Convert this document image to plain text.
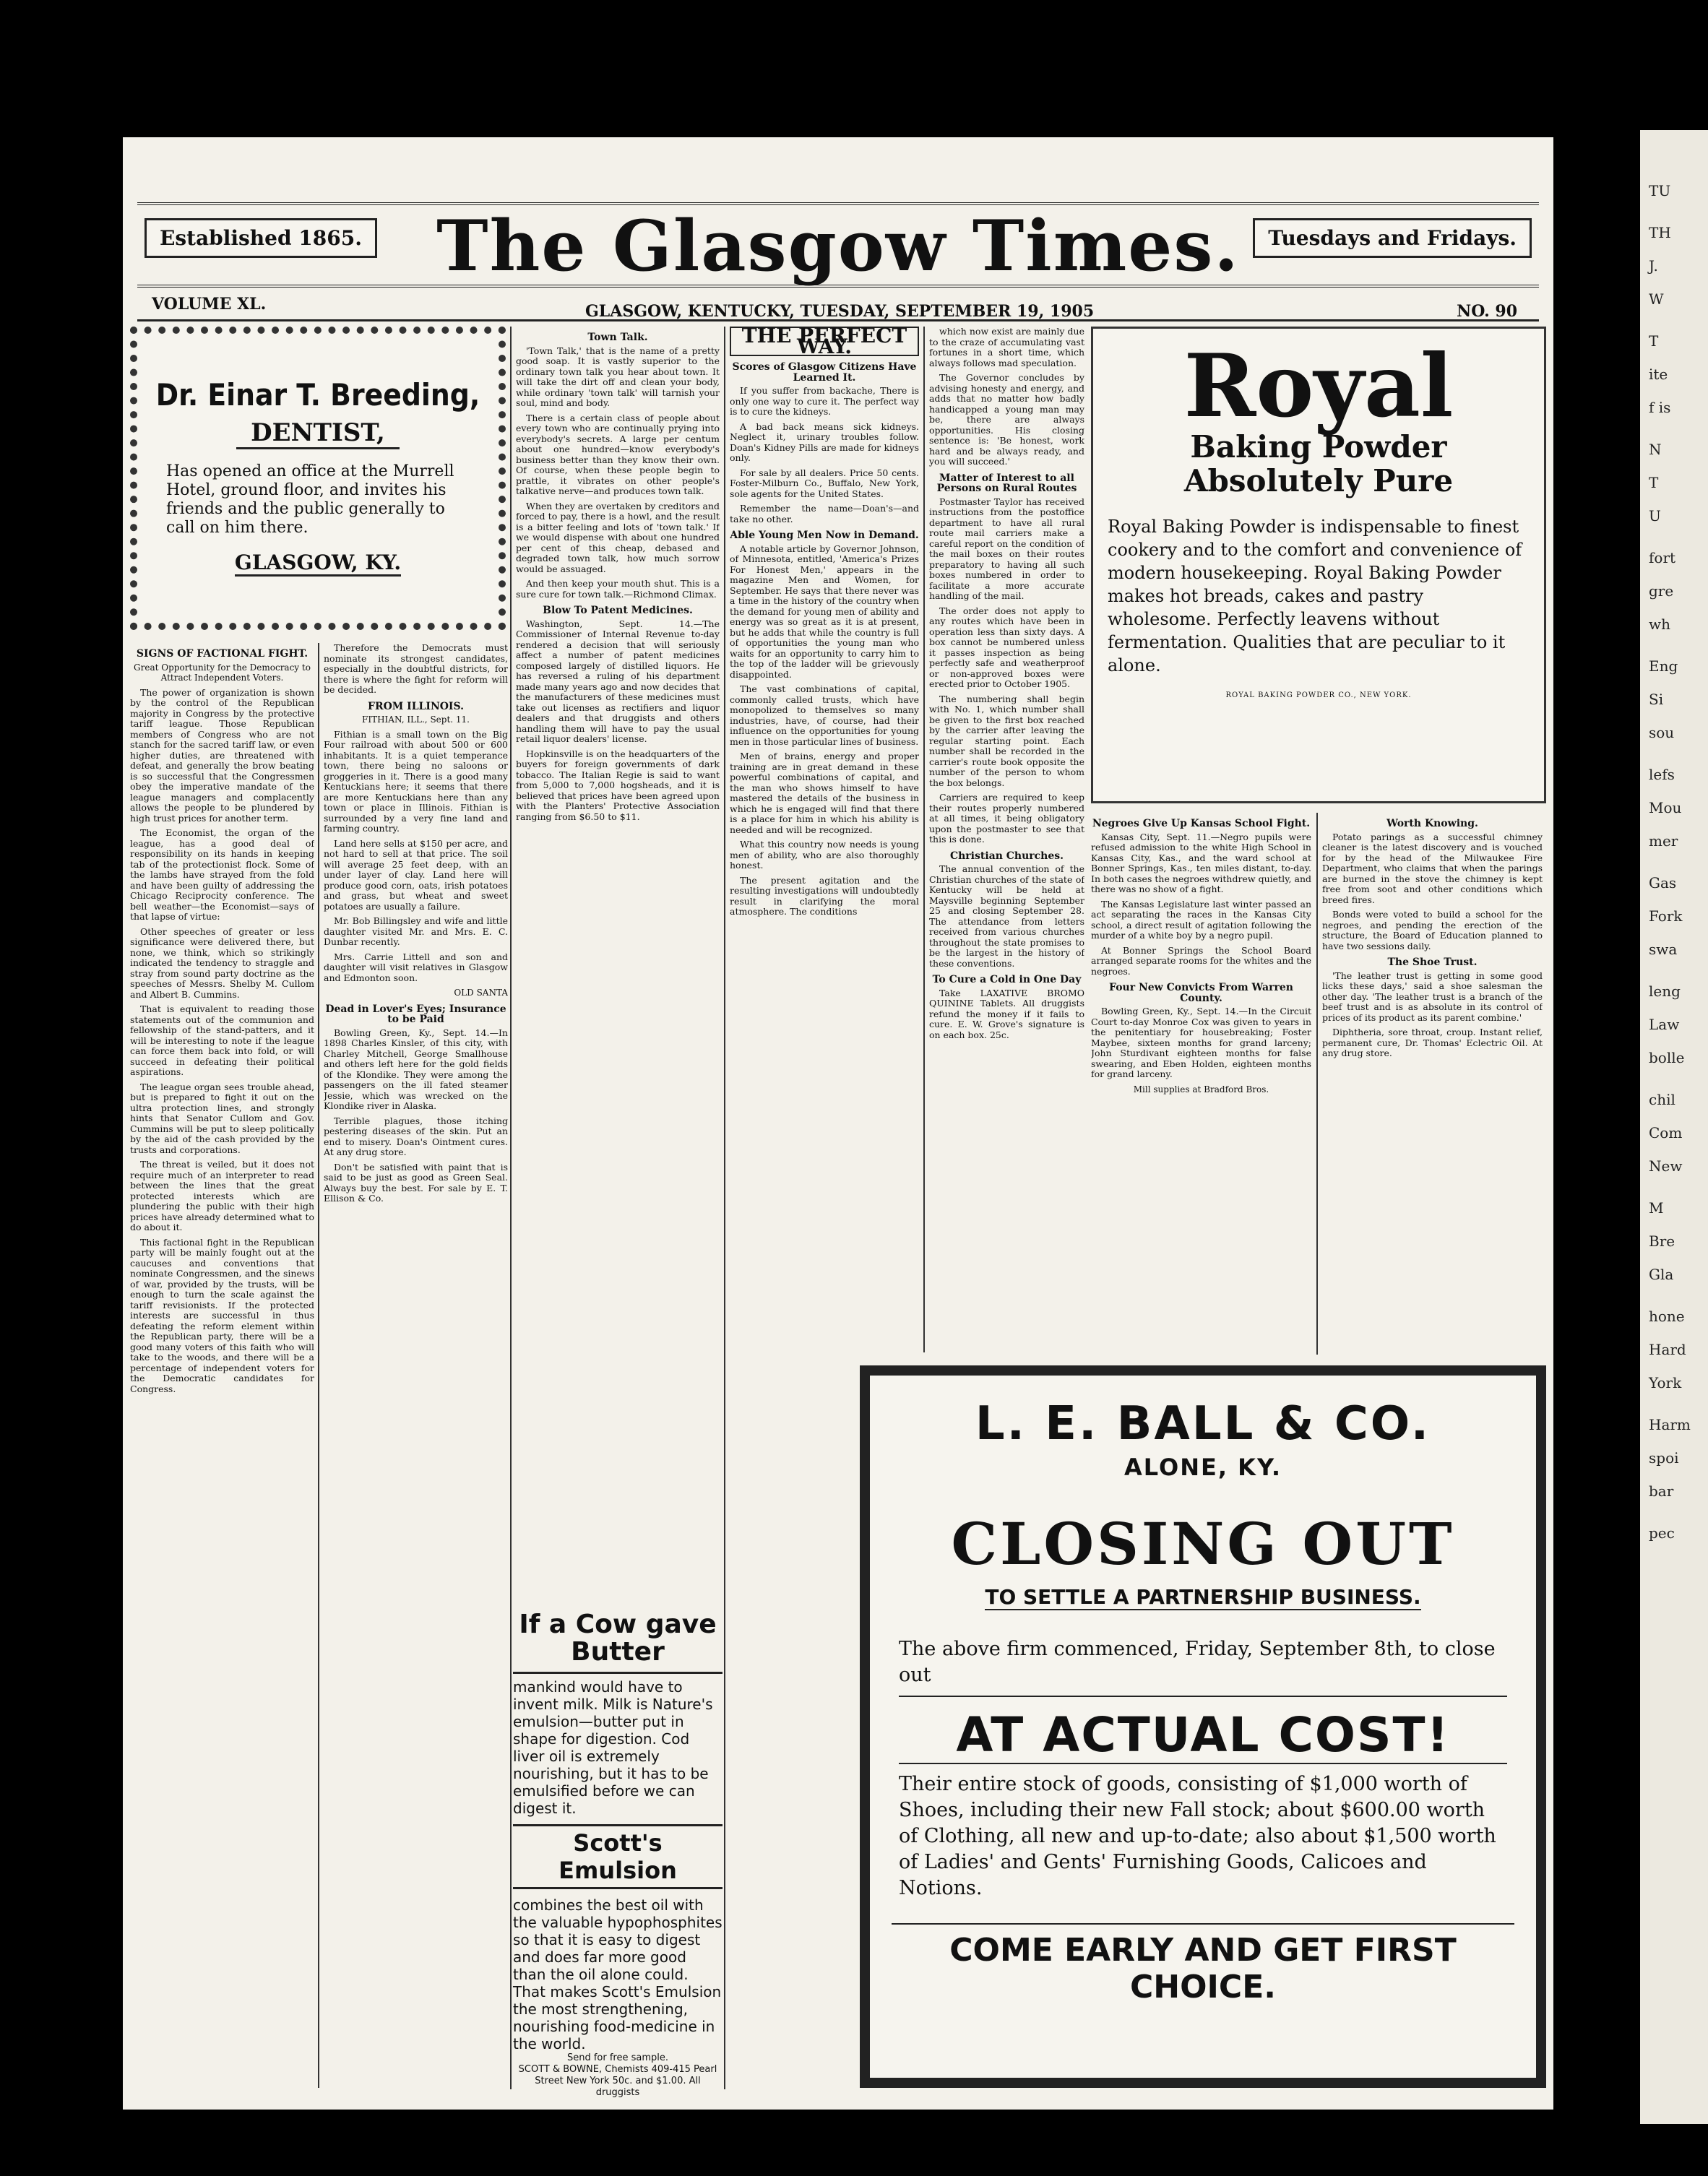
Established 1865.	The Glasgow Times.	Tuesdays and Fridays.
VOLUME XL.	GLASGOW, KENTUCKY, TUESDAY, SEPTEMBER 19, 1905	NO. 90
Dr. Einar T. Breeding,
DENTIST,
Has opened an office at the Murrell Hotel, ground floor, and invites his friends and the public generally to call on him there.
GLASGOW, KY.
SIGNS OF FACTIONAL FIGHT.
Great Opportunity for the Democracy to Attract Independent Voters.

The power of organization is shown by the control of the Republican majority in Congress by the protective tariff league. Those Republican members of Congress who are not stanch for the sacred tariff law, or even higher duties, are threatened with defeat, and generally the brow beating is so successful that the Congressmen obey the imperative mandate of the league managers and complacently allows the people to be plundered by high trust prices for another term.

The Economist, the organ of the league, has a good deal of responsibility on its hands in keeping tab of the protectionist flock. Some of the lambs have strayed from the fold and have been guilty of addressing the Chicago Reciprocity conference. The bell weather—the Economist—says of that lapse of virtue:

Other speeches of greater or less significance were delivered there, but none, we think, which so strikingly indicated the tendency to straggle and stray from sound party doctrine as the speeches of Messrs. Shelby M. Cullom and Albert B. Cummins.

That is equivalent to reading those statements out of the communion and fellowship of the stand-patters, and it will be interesting to note if the league can force them back into fold, or will succeed in defeating their political aspirations.

The league organ sees trouble ahead, but is prepared to fight it out on the ultra protection lines, and strongly hints that Senator Cullom and Gov. Cummins will be put to sleep politically by the aid of the cash provided by the trusts and corporations.

The threat is veiled, but it does not require much of an interpreter to read between the lines that the great protected interests which are plundering the public with their high prices have already determined what to do about it.

This factional fight in the Republican party will be mainly fought out at the caucuses and conventions that nominate Congressmen, and the sinews of war, provided by the trusts, will be enough to turn the scale against the tariff revisionists. If the protected interests are successful in thus defeating the reform element within the Republican party, there will be a good many voters of this faith who will take to the woods, and there will be a percentage of independent voters for the Democratic candidates for Congress.

Therefore the Democrats must nominate its strongest candidates, especially in the doubtful districts, for there is where the fight for reform will be decided.

FROM ILLINOIS.
FITHIAN, ILL., Sept. 11.

Fithian is a small town on the Big Four railroad with about 500 or 600 inhabitants. It is a quiet temperance town, there being no saloons or groggeries in it. There is a good many Kentuckians here; it seems that there are more Kentuckians here than any town or place in Illinois. Fithian is surrounded by a very fine land and farming country.

Land here sells at $150 per acre, and not hard to sell at that price. The soil will average 25 feet deep, with an under layer of clay. Land here will produce good corn, oats, irish potatoes and grass, but wheat and sweet potatoes are usually a failure.

Mr. Bob Billingsley and wife and little daughter visited Mr. and Mrs. E. C. Dunbar recently.

Mrs. Carrie Littell and son and daughter will visit relatives in Glasgow and Edmonton soon.

OLD SANTA
Dead in Lover's Eyes; Insurance to be Paid

Bowling Green, Ky., Sept. 14.—In 1898 Charles Kinsler, of this city, with Charley Mitchell, George Smallhouse and others left here for the gold fields of the Klondike. They were among the passengers on the ill fated steamer Jessie, which was wrecked on the Klondike river in Alaska.

Terrible plagues, those itching pestering diseases of the skin. Put an end to misery. Doan's Ointment cures. At any drug store.

Don't be satisfied with paint that is said to be just as good as Green Seal. Always buy the best. For sale by E. T. Ellison & Co.

Town Talk.

'Town Talk,' that is the name of a pretty good soap. It is vastly superior to the ordinary town talk you hear about town. It will take the dirt off and clean your body, while ordinary 'town talk' will tarnish your soul, mind and body.

There is a certain class of people about every town who are continually prying into everybody's secrets. A large per centum about one hundred—know everybody's business better than they know their own. Of course, when these people begin to prattle, it vibrates on other people's talkative nerve—and produces town talk.

When they are overtaken by creditors and forced to pay, there is a howl, and the result is a bitter feeling and lots of 'town talk.' If we would dispense with about one hundred per cent of this cheap, debased and degraded town talk, how much sorrow would be assuaged.

And then keep your mouth shut. This is a sure cure for town talk.—Richmond Climax.

Blow To Patent Medicines.

Washington, Sept. 14.—The Commissioner of Internal Revenue to-day rendered a decision that will seriously affect a number of patent medicines composed largely of distilled liquors. He has reversed a ruling of his department made many years ago and now decides that the manufacturers of these medicines must take out licenses as rectifiers and liquor dealers and that druggists and others handling them will have to pay the usual retail liquor dealers' license.

Hopkinsville is on the headquarters of the buyers for foreign governments of dark tobacco. The Italian Regie is said to want from 5,000 to 7,000 hogsheads, and it is believed that prices have been agreed upon with the Planters' Protective Association ranging from $6.50 to $11.

If a Cow gave Butter
mankind would have to invent milk. Milk is Nature's emulsion—butter put in shape for digestion. Cod liver oil is extremely nourishing, but it has to be emulsified before we can digest it.
Scott's Emulsion
combines the best oil with the valuable hypophosphites so that it is easy to digest and does far more good than the oil alone could. That makes Scott's Emulsion the most strengthening, nourishing food-medicine in the world.
Send for free sample.
SCOTT & BOWNE, Chemists 409-415 Pearl Street New York 50c. and $1.00. All druggists
THE PERFECT WAY.
Scores of Glasgow Citizens Have Learned It.

If you suffer from backache, There is only one way to cure it. The perfect way is to cure the kidneys.

A bad back means sick kidneys. Neglect it, urinary troubles follow. Doan's Kidney Pills are made for kidneys only.

For sale by all dealers. Price 50 cents. Foster-Milburn Co., Buffalo, New York, sole agents for the United States.

Remember the name—Doan's—and take no other.

Able Young Men Now in Demand.

A notable article by Governor Johnson, of Minnesota, entitled, 'America's Prizes For Honest Men,' appears in the magazine Men and Women, for September. He says that there never was a time in the history of the country when the demand for young men of ability and energy was so great as it is at present, but he adds that while the country is full of opportunities the young man who waits for an opportunity to carry him to the top of the ladder will be grievously disappointed.

The vast combinations of capital, commonly called trusts, which have monopolized to themselves so many industries, have, of course, had their influence on the opportunities for young men in those particular lines of business.

Men of brains, energy and proper training are in great demand in these powerful combinations of capital, and the man who shows himself to have mastered the details of the business in which he is engaged will find that there is a place for him in which his ability is needed and will be recognized.

What this country now needs is young men of ability, who are also thoroughly honest.

The present agitation and the resulting investigations will undoubtedly result in clarifying the moral atmosphere. The conditions

which now exist are mainly due to the craze of accumulating vast fortunes in a short time, which always follows mad speculation.

The Governor concludes by advising honesty and energy, and adds that no matter how badly handicapped a young man may be, there are always opportunities. His closing sentence is: 'Be honest, work hard and be always ready, and you will succeed.'

Matter of Interest to all Persons on Rural Routes

Postmaster Taylor has received instructions from the postoffice department to have all rural route mail carriers make a careful report on the condition of the mail boxes on their routes preparatory to having all such boxes numbered in order to facilitate a more accurate handling of the mail.

The order does not apply to any routes which have been in operation less than sixty days. A box cannot be numbered unless it passes inspection as being perfectly safe and weatherproof or non-approved boxes were erected prior to October 1905.

The numbering shall begin with No. 1, which number shall be given to the first box reached by the carrier after leaving the regular starting point. Each number shall be recorded in the carrier's route book opposite the number of the person to whom the box belongs.

Carriers are required to keep their routes properly numbered at all times, it being obligatory upon the postmaster to see that this is done.

Christian Churches.

The annual convention of the Christian churches of the state of Kentucky will be held at Maysville beginning September 25 and closing September 28. The attendance from letters received from various churches throughout the state promises to be the largest in the history of these conventions.

To Cure a Cold in One Day

Take LAXATIVE BROMO QUININE Tablets. All druggists refund the money if it fails to cure. E. W. Grove's signature is on each box. 25c.

Royal
Baking Powder
Absolutely Pure
Royal Baking Powder is indispensable to finest cookery and to the comfort and convenience of modern housekeeping. Royal Baking Powder makes hot breads, cakes and pastry wholesome. Perfectly leavens without fermentation. Qualities that are peculiar to it alone.
ROYAL BAKING POWDER CO., NEW YORK.
Negroes Give Up Kansas School Fight.

Kansas City, Sept. 11.—Negro pupils were refused admission to the white High School in Kansas City, Kas., and the ward school at Bonner Springs, Kas., ten miles distant, to-day. In both cases the negroes withdrew quietly, and there was no show of a fight.

The Kansas Legislature last winter passed an act separating the races in the Kansas City school, a direct result of agitation following the murder of a white boy by a negro pupil.

At Bonner Springs the School Board arranged separate rooms for the whites and the negroes.

Four New Convicts From Warren County.

Bowling Green, Ky., Sept. 14.—In the Circuit Court to-day Monroe Cox was given to years in the penitentiary for housebreaking; Foster Maybee, sixteen months for grand larceny; John Sturdivant eighteen months for false swearing, and Eben Holden, eighteen months for grand larceny.

Mill supplies at Bradford Bros.
Worth Knowing.

Potato parings as a successful chimney cleaner is the latest discovery and is vouched for by the head of the Milwaukee Fire Department, who claims that when the parings are burned in the stove the chimney is kept free from soot and other conditions which breed fires.

Bonds were voted to build a school for the negroes, and pending the erection of the structure, the Board of Education planned to have two sessions daily.

The Shoe Trust.

'The leather trust is getting in some good licks these days,' said a shoe salesman the other day. 'The leather trust is a branch of the beef trust and is as absolute in its control of prices of its product as its parent combine.'

Diphtheria, sore throat, croup. Instant relief, permanent cure, Dr. Thomas' Eclectric Oil. At any drug store.

L. E. BALL & CO.
ALONE, KY.
CLOSING OUT
TO SETTLE A PARTNERSHIP BUSINESS.
The above firm commenced, Friday, September 8th, to close out
AT ACTUAL COST!
Their entire stock of goods, consisting of $1,000 worth of Shoes, including their new Fall stock; about $600.00 worth of Clothing, all new and up-to-date; also about $1,500 worth of Ladies' and Gents' Furnishing Goods, Calicoes and Notions.
COME EARLY AND GET FIRST CHOICE.
TU
TH
J.
W
T
ite
f is
N
T
U
fort
gre
wh
Eng
Si
sou
lefs
Mou
mer
Gas
Fork
swa
leng
Law
bolle
chil
Com
New
M
Bre
Gla
hone
Hard
York
Harm
spoi
bar
pec
